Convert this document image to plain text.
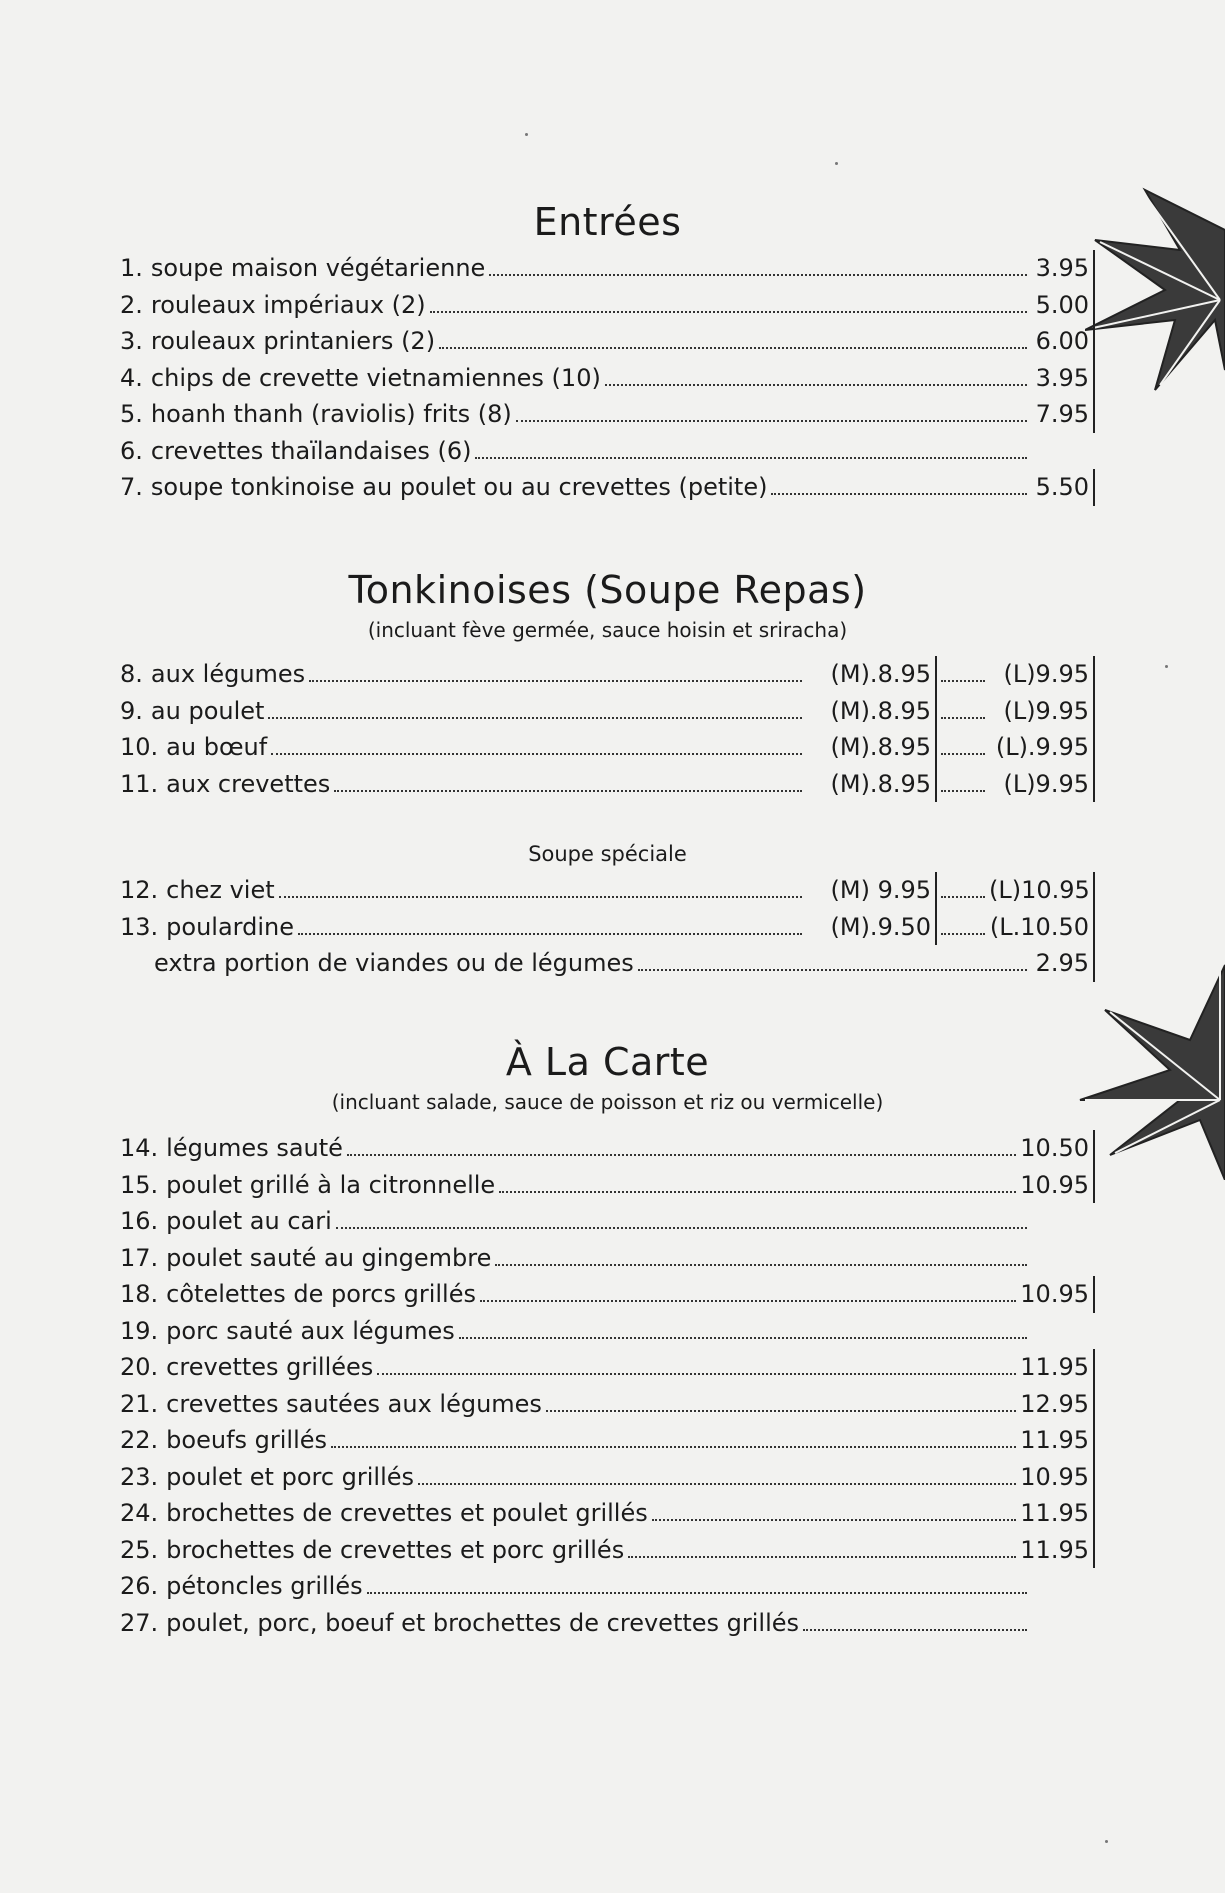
Entrées
1. soupe maison végétarienne	3.95
2. rouleaux impériaux (2)	5.00
3. rouleaux printaniers (2)	6.00
4. chips de crevette vietnamiennes (10)	3.95
5. hoanh thanh (raviolis) frits (8)	7.95
6. crevettes thaïlandaises (6)
7. soupe tonkinoise au poulet ou au crevettes (petite)	5.50
Tonkinoises (Soupe Repas)

(incluant fève germée, sauce hoisin et sriracha)

8. aux légumes	(M).8.95	(L)9.95
9. au poulet	(M).8.95	(L)9.95
10. au bœuf	(M).8.95	(L).9.95
11. aux crevettes	(M).8.95	(L)9.95

Soupe spéciale

12. chez viet	(M) 9.95 (L)10.95
13. poulardine	(M).9.50 (L.10.50
extra portion de viandes ou de légumes	2.95
À La Carte

(incluant salade, sauce de poisson et riz ou vermicelle)

14. légumes sauté	10.50
15. poulet grillé à la citronnelle	10.95
16. poulet au cari
17. poulet sauté au gingembre
18. côtelettes de porcs grillés	10.95
19. porc sauté aux légumes
20. crevettes grillées	11.95
21. crevettes sautées aux légumes	12.95
22. boeufs grillés	11.95
23. poulet et porc grillés	10.95
24. brochettes de crevettes et poulet grillés	11.95
25. brochettes de crevettes et porc grillés	11.95
26. pétoncles grillés
27. poulet, porc, boeuf et brochettes de crevettes grillés
